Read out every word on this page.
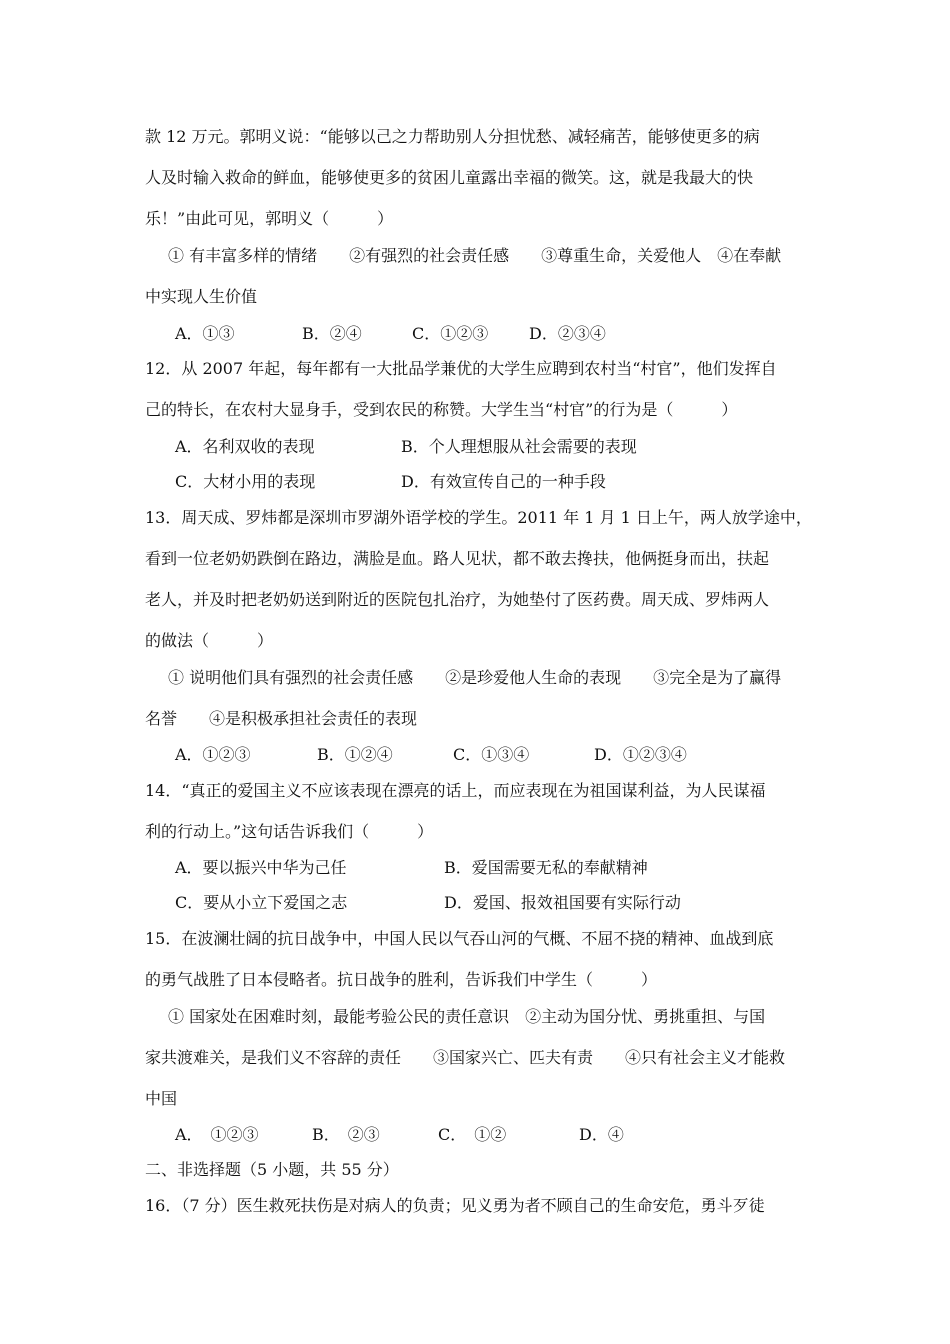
款 12 万元。郭明义说：“能够以己之力帮助别人分担忧愁、减轻痛苦，能够使更多的病
人及时输入救命的鲜血，能够使更多的贫困儿童露出幸福的微笑。这，就是我最大的快
乐！”由此可见，郭明义（　　　）
① 有丰富多样的情绪　　②有强烈的社会责任感　　③尊重生命，关爱他人　④在奉献
中实现人生价值
A．①③	B．②④	C．①②③	D．②③④
12．从 2007 年起，每年都有一大批品学兼优的大学生应聘到农村当“村官”，他们发挥自
己的特长，在农村大显身手，受到农民的称赞。大学生当“村官”的行为是（　　　）
A．名利双收的表现	B．个人理想服从社会需要的表现
C．大材小用的表现	D．有效宣传自己的一种手段
13．周天成、罗炜都是深圳市罗湖外语学校的学生。2011 年 1 月 1 日上午，两人放学途中，
看到一位老奶奶跌倒在路边，满脸是血。路人见状，都不敢去搀扶，他俩挺身而出，扶起
老人，并及时把老奶奶送到附近的医院包扎治疗，为她垫付了医药费。周天成、罗炜两人
的做法（　　　）
① 说明他们具有强烈的社会责任感　　②是珍爱他人生命的表现　　③完全是为了赢得
名誉　　④是积极承担社会责任的表现
A．①②③	B．①②④	C．①③④	D．①②③④
14．“真正的爱国主义不应该表现在漂亮的话上，而应表现在为祖国谋利益，为人民谋福
利的行动上。”这句话告诉我们（　　　）
A．要以振兴中华为己任	B．爱国需要无私的奉献精神
C．要从小立下爱国之志	D．爱国、报效祖国要有实际行动
15．在波澜壮阔的抗日战争中，中国人民以气吞山河的气概、不屈不挠的精神、血战到底
的勇气战胜了日本侵略者。抗日战争的胜利，告诉我们中学生（　　　）
① 国家处在困难时刻，最能考验公民的责任意识　②主动为国分忧、勇挑重担、与国
家共渡难关，是我们义不容辞的责任　　③国家兴亡、匹夫有责　　④只有社会主义才能救
中国
A．　①②③	B．　②③	C．　①②	D．④
二、非选择题（5 小题，共 55 分）
16．（7 分）医生救死扶伤是对病人的负责；见义勇为者不顾自己的生命安危，勇斗歹徒
